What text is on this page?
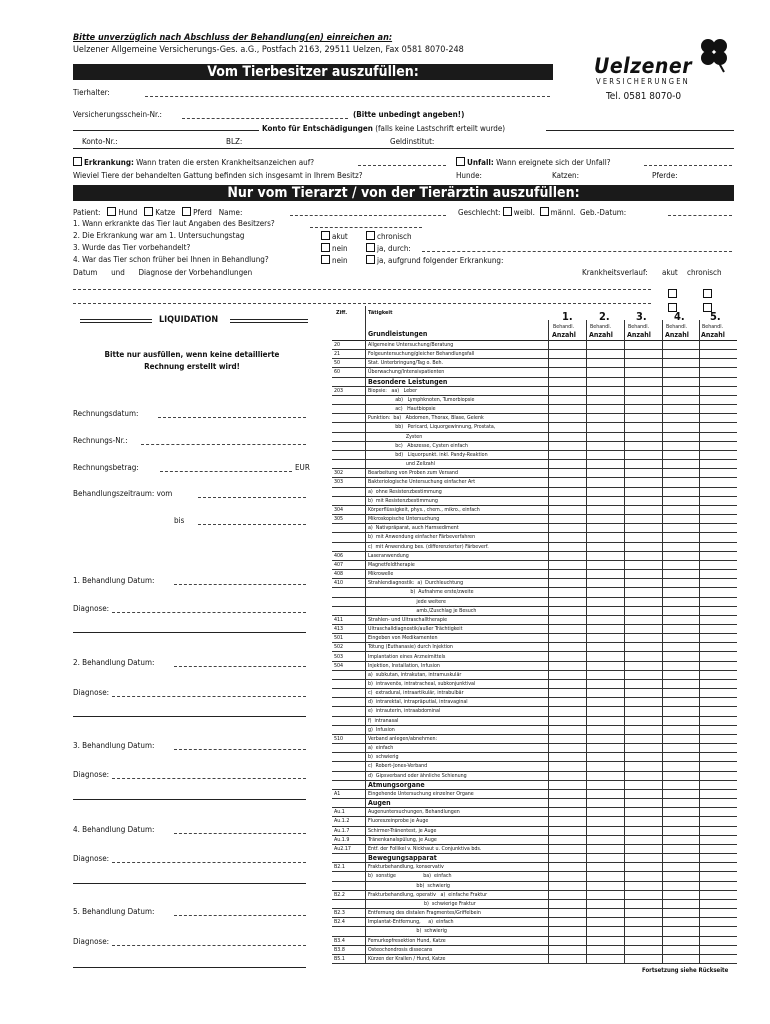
Bitte unverzüglich nach Abschluss der Behandlung(en) einreichen an:
Uelzener Allgemeine Versicherungs-Ges. a.G., Postfach 2163, 29511 Uelzen, Fax 0581 8070-248
Uelzener
VERSICHERUNGEN
Tel. 0581 8070-0
Vom Tierbesitzer auszufüllen:
Tierhalter:
Versicherungsschein-Nr.:	(Bitte unbedingt angeben!)
Konto für Entschädigungen (falls keine Lastschrift erteilt wurde)
Konto-Nr.:	BLZ:	Geldinstitut:
Erkrankung: Wann traten die ersten Krankheitsanzeichen auf?	Unfall: Wann ereignete sich der Unfall?
Wieviel Tiere der behandelten Gattung befinden sich insgesamt in Ihrem Besitz?	Hunde:	Katzen:	Pferde:
Nur vom Tierarzt / von der Tierärztin auszufüllen:
Patient: Hund Katze Pferd Name:	Geschlecht: weibl. männl. Geb.-Datum:
1. Wann erkrankte das Tier laut Angaben des Besitzers?
2. Die Erkrankung war am 1. Untersuchungstag	akut	chronisch
3. Wurde das Tier vorbehandelt?	nein	ja, durch:
4. War das Tier schon früher bei Ihnen in Behandlung?	nein	ja, aufgrund folgender Erkrankung:
Datum und Diagnose der Vorbehandlungen	Krankheitsverlauf: akut chronisch
LIQUIDATION
Bitte nur ausfüllen, wenn keine detaillierte
Rechnung erstellt wird!
Rechnungsdatum:
Rechnungs-Nr.:
Rechnungsbetrag:	EUR
Behandlungszeitraum: vom
bis
1. Behandlung Datum:
Diagnose:
2. Behandlung Datum:
Diagnose:
3. Behandlung Datum:
Diagnose:
4. Behandlung Datum:
Diagnose:
5. Behandlung Datum:
Diagnose:
Ziff.	Tätigkeit	1. 2. 3. 4. 5.
Behandl.	Behandl.	Behandl.	Behandl.	Behandl.
Anzahl Anzahl Anzahl Anzahl Anzahl
Grundleistungen
20	Allgemeine Untersuchung/Beratung
21	Folgeuntersuchung/gleicher Behandlungsfall
50	Stat. Unterbringung/Tag o. Beh.
60	Überwachung/Intensivpatienten
Besondere Leistungen
203	Biopsie:   aa)   Leber
ab)   Lymphknoten, Tumorbiopsie
ac)   Hautbiopsie
Punktion:  ba)   Abdomen, Thorax, Blase, Gelenk
bb)   Pericard, Liquorgewinnung, Prostata,
Zysten
bc)   Abszesse, Cysten einfach
bd)   Liquorpunkt. inkl. Pandy-Reaktion
und Zellzahl
302	Bearbeitung von Proben zum Versand
303	Bakteriologische Untersuchung einfacher Art
a)  ohne Resistenzbestimmung
b)  mit Resistenzbestimmung
304	Körperflüssigkeit, phys., chem., mikro., einfach
305	Mikroskopische Untersuchung
a)  Nativpräparat, auch Harnsediment
b)  mit Anwendung einfacher Färbeverfahren
c)  mit Anwendung bes. (differenzierter) Färbeverf.
406	Laseranwendung
407	Magnetfeldtherapie
408	Mikrowelle
410	Strahlendiagnostik:  a)  Durchleuchtung
b)  Aufnahme erste/zweite
jede weitere
amb./Zuschlag je Besuch
411	Strahlen- und Ultraschalltherapie
413	Ultraschalldiagnostik/außer Trächtigkeit
501	Eingeben von Medikamenten
502	Tötung (Euthanasie) durch Injektion
503	Implantation eines Arzneimittels
504	Injektion, Installation, Infusion
a)  subkutan, intrakutan, intramuskulär
b)  intravenös, intratracheal, subkonjunktival
c)  extradural, intraartikulär, intrabulbär
d)  intrarektal, intrapräputial, intravaginal
e)  intrauterin, intraabdominal
f)  intranasal
g)  Infusion
510	Verband anlegen/abnehmen:
a)  einfach
b)  schwierig
c)  Robert-Jones-Verband
d)  Gipsverband oder ähnliche Schienung
Atmungsorgane
A1	Eingehende Untersuchung einzelner Organe
Augen
Au.1	Augenuntersuchungen, Behandlungen
Au.1.2	Fluoreszeinprobe je Auge
Au.1.7	Schirmer-Tränentest, je Auge
Au.1.9	Tränenkanalspülung, je Auge
Au2.17	Entf. der Follikel v. Nickhaut u. Conjunktiva bds.
Bewegungsapparat
B2.1	Frakturbehandlung, konservativ
b)  sonstige                  ba)  einfach
bb)  schwierig
B2.2	Frakturbehandlung, operativ   a)  einfache Fraktur
b)  schwierige Fraktur
B2.3	Entfernung des distalen Fragmentes/Griffelbein
B2.4	Implantat-Entfernung,     a)  einfach
b)  schwierig
B3.4	Femurkopfresektion Hund, Katze
B3.8	Osteochondrosis dissecans
B5.1	Kürzen der Krallen / Hund, Katze
Fortsetzung siehe Rückseite
